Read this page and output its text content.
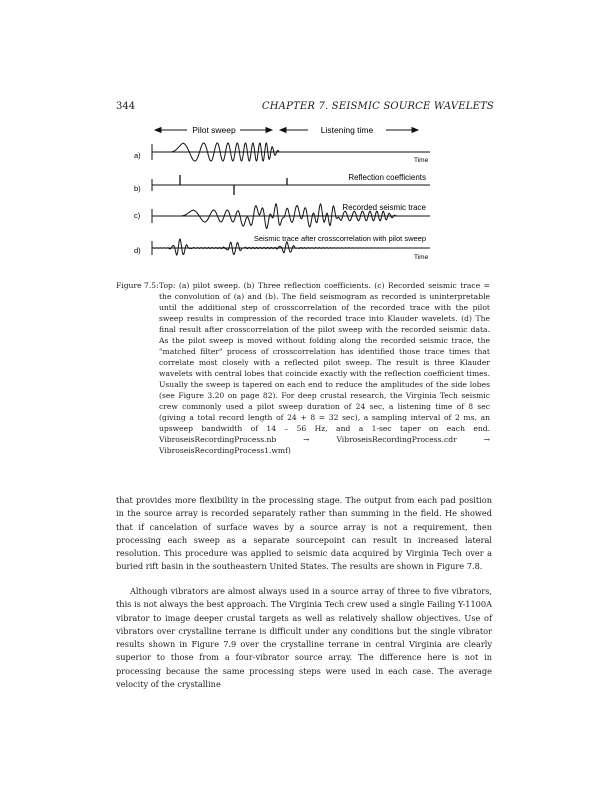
344	CHAPTER 7. SEISMIC SOURCE WAVELETS
Pilot sweep	Listening time
a)
b)
c)
d)
Time
Reflection coefficients
Recorded seismic trace
Seismic trace after crosscorrelation with pilot sweep
Time
Figure 7.5: Top: (a) pilot sweep. (b) Three reflection coefficients. (c) Recorded seismic trace = the convolution of (a) and (b). The field seismogram as recorded is uninterpretable until the additional step of crosscorrelation of the recorded trace with the pilot sweep results in compression of the recorded trace into Klauder wavelets. (d) The final result after crosscorrelation of the pilot sweep with the recorded seismic data. As the pilot sweep is moved without folding along the recorded seismic trace, the "matched filter" process of crosscorrelation has identified those trace times that correlate most closely with a reflected pilot sweep. The result is three Klauder wavelets with central lobes that coincide exactly with the reflection coefficient times. Usually the sweep is tapered on each end to reduce the amplitudes of the side lobes (see Figure 3.20 on page 82). For deep crustal research, the Virginia Tech seismic crew commonly used a pilot sweep duration of 24 sec, a listening time of 8 sec (giving a total record length of 24 + 8 = 32 sec), a sampling interval of 2 ms, an upsweep bandwidth of 14 – 56 Hz, and a 1-sec taper on each end. VibroseisRecordingProcess.nb → VibroseisRecordingProcess.cdr → VibroseisRecordingProcess1.wmf)

that provides more flexibility in the processing stage. The output from each pad position in the source array is recorded separately rather than summing in the field. He showed that if cancelation of surface waves by a source array is not a requirement, then processing each sweep as a separate sourcepoint can result in increased lateral resolution. This procedure was applied to seismic data acquired by Virginia Tech over a buried rift basin in the southeastern United States. The results are shown in Figure 7.8.

Although vibrators are almost always used in a source array of three to five vibrators, this is not always the best approach. The Virginia Tech crew used a single Failing Y-1100A vibrator to image deeper crustal targets as well as relatively shallow objectives. Use of vibrators over crystalline terrane is difficult under any conditions but the single vibrator results shown in Figure 7.9 over the crystalline terrane in central Virginia are clearly superior to those from a four-vibrator source array. The difference here is not in processing because the same processing steps were used in each case. The average velocity of the crystalline
